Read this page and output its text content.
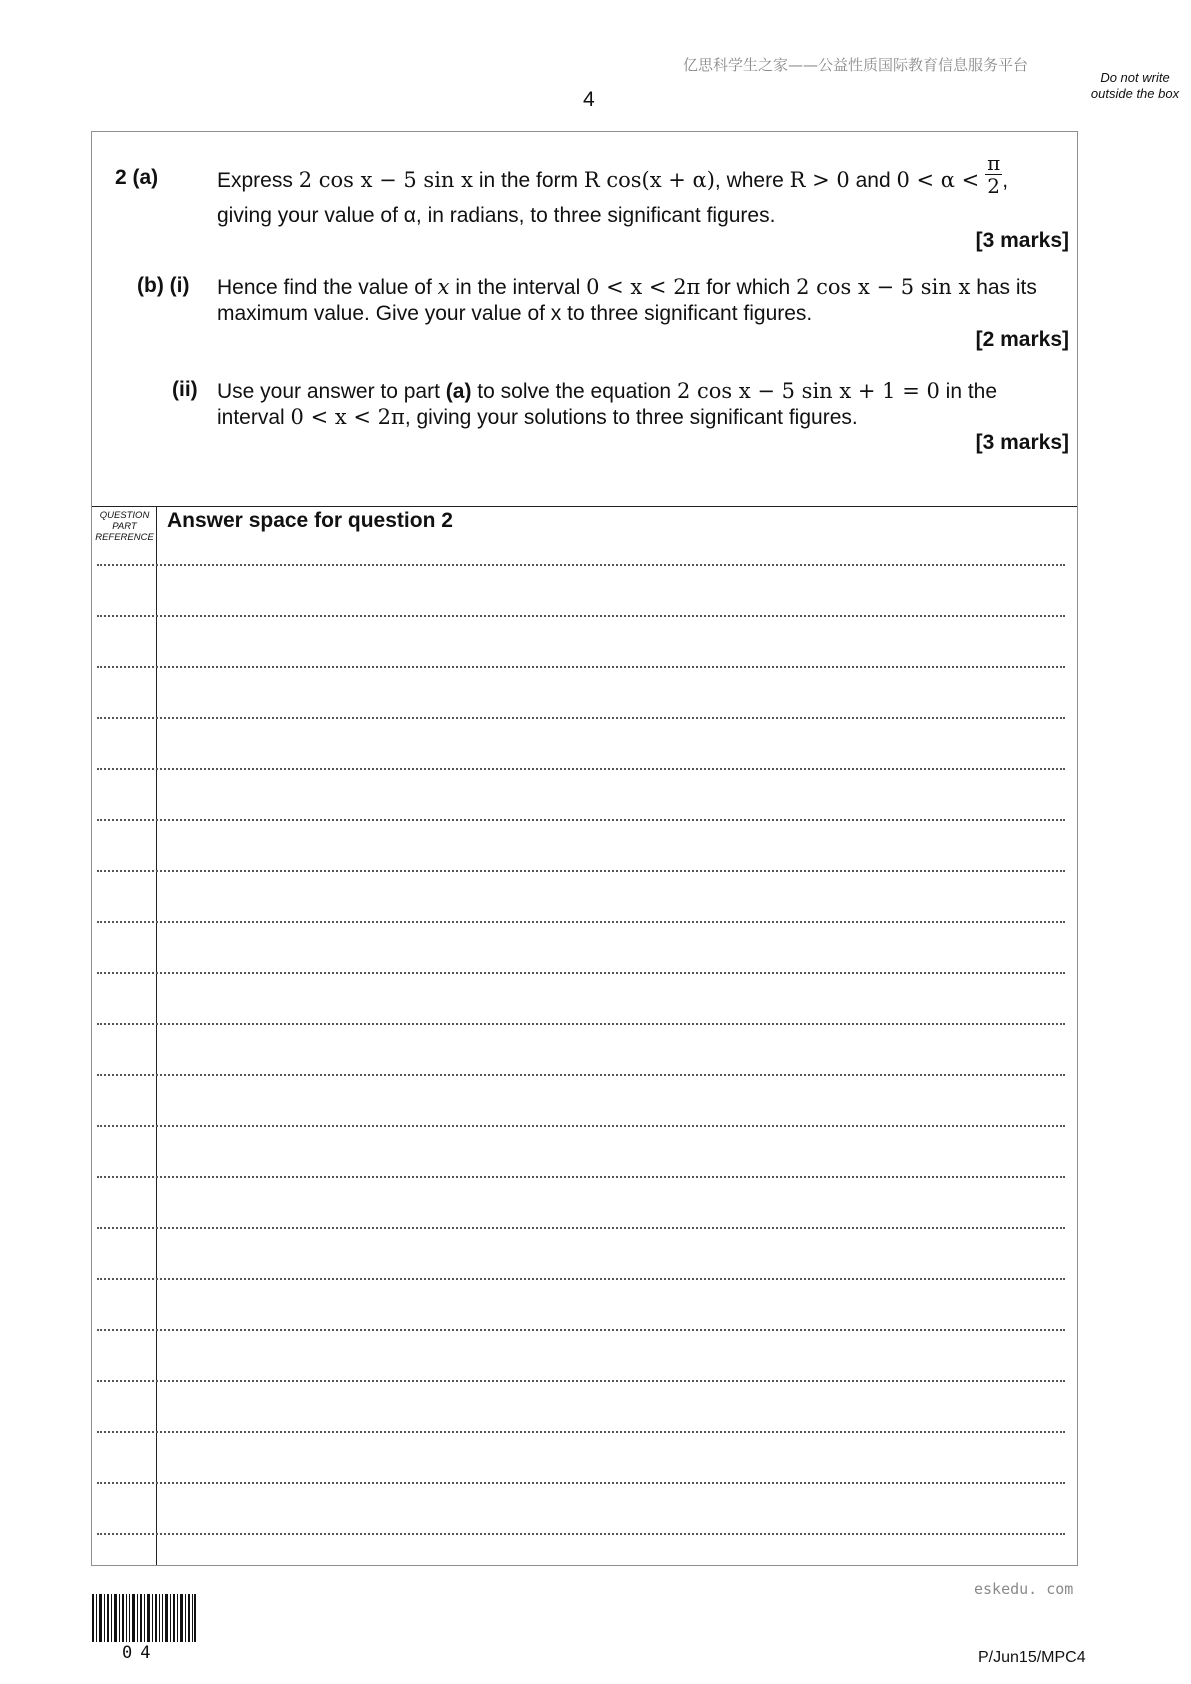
亿思科学生之家——公益性质国际教育信息服务平台
4
Do not write outside the box
2 (a)	Express 2 cos x − 5 sin x in the form R cos(x + α), where R > 0 and $0 < \alpha < \frac{\pi}{2}$ ,
giving your value of α, in radians, to three significant figures.
[3 marks]
(b) (i) Hence find the value of x in the interval 0 < x < 2π for which 2 cos x − 5 sin x has its
maximum value. Give your value of x to three significant figures.
[2 marks]
(ii) Use your answer to part (a) to solve the equation 2 cos x − 5 sin x + 1 = 0 in the
interval 0 < x < 2π, giving your solutions to three significant figures.
[3 marks]
QUESTION PART REFERENCE
Answer space for question 2
eskedu. com
04	P/Jun15/MPC4
